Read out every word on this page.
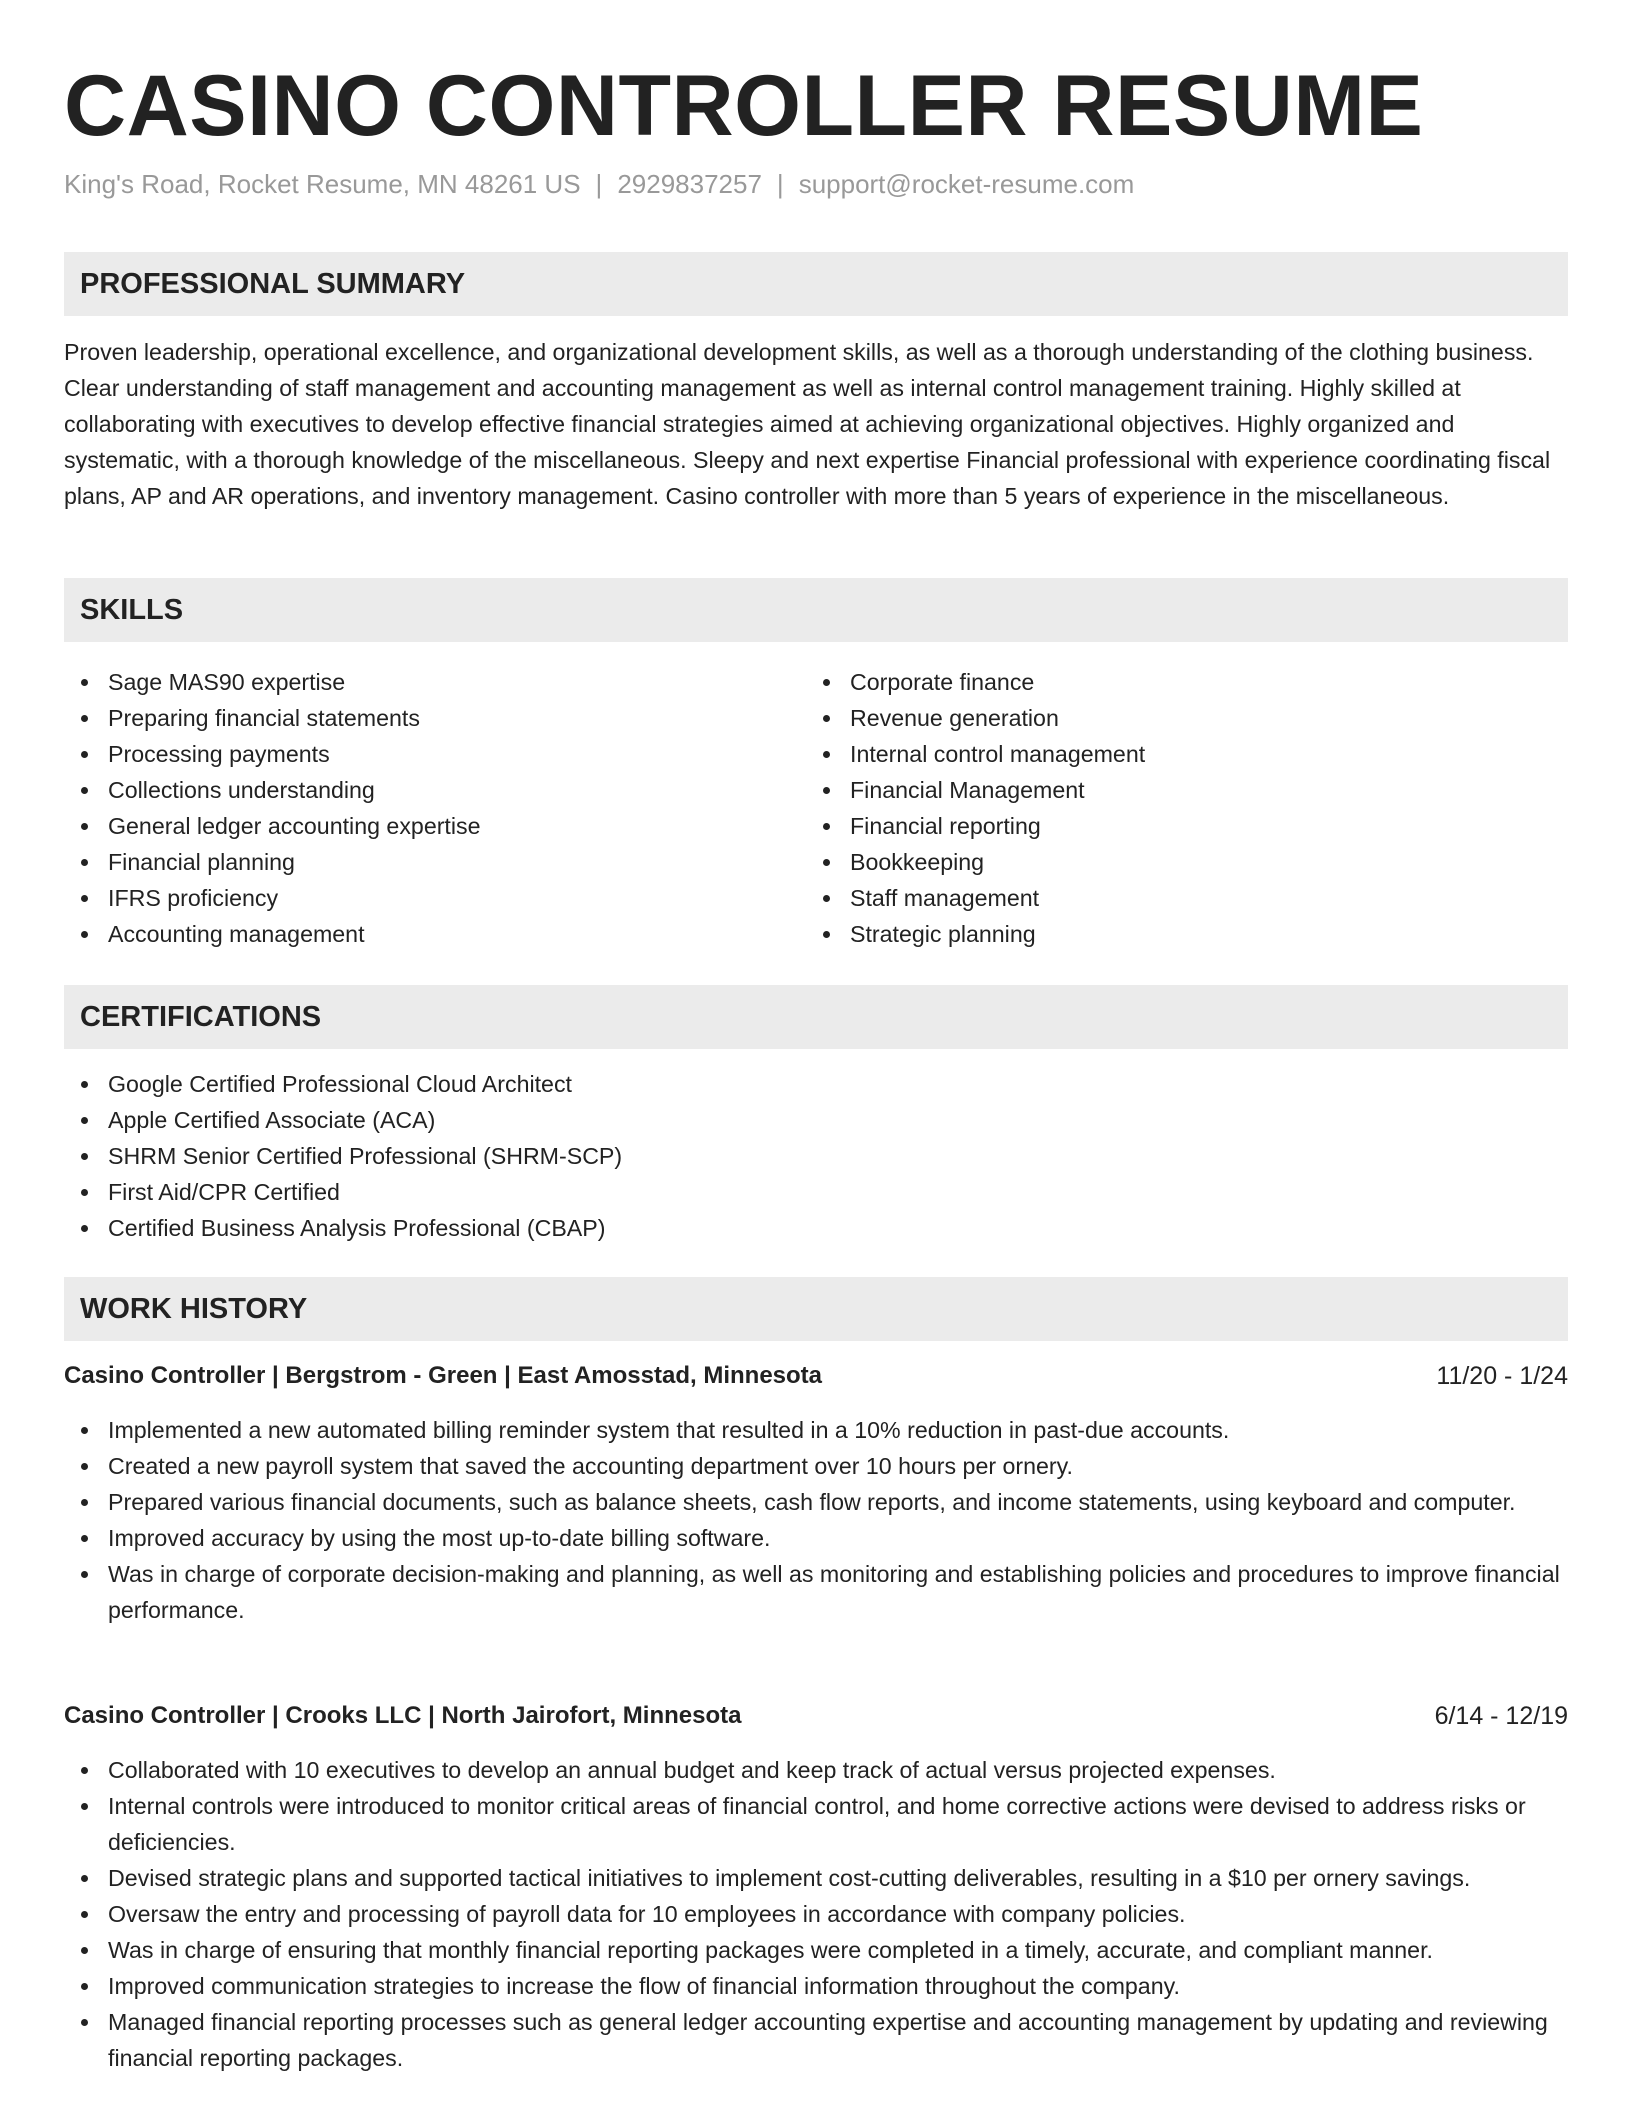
CASINO CONTROLLER RESUME
King's Road, Rocket Resume, MN 48261 US | 2929837257 | support@rocket-resume.com
PROFESSIONAL SUMMARY

Proven leadership, operational excellence, and organizational development skills, as well as a thorough understanding of the clothing business. Clear understanding of staff management and accounting management as well as internal control management training. Highly skilled at collaborating with executives to develop effective financial strategies aimed at achieving organizational objectives. Highly organized and systematic, with a thorough knowledge of the miscellaneous. Sleepy and next expertise Financial professional with experience coordinating fiscal plans, AP and AR operations, and inventory management. Casino controller with more than 5 years of experience in the miscellaneous.

SKILLS
Sage MAS90 expertise
Preparing financial statements
Processing payments
Collections understanding
General ledger accounting expertise
Financial planning
IFRS proficiency
Accounting management
Corporate finance
Revenue generation
Internal control management
Financial Management
Financial reporting
Bookkeeping
Staff management
Strategic planning
CERTIFICATIONS
Google Certified Professional Cloud Architect
Apple Certified Associate (ACA)
SHRM Senior Certified Professional (SHRM-SCP)
First Aid/CPR Certified
Certified Business Analysis Professional (CBAP)
WORK HISTORY
Casino Controller | Bergstrom - Green | East Amosstad, Minnesota	11/20 - 1/24
Implemented a new automated billing reminder system that resulted in a 10% reduction in past-due accounts.
Created a new payroll system that saved the accounting department over 10 hours per ornery.
Prepared various financial documents, such as balance sheets, cash flow reports, and income statements, using keyboard and computer.
Improved accuracy by using the most up-to-date billing software.
Was in charge of corporate decision-making and planning, as well as monitoring and establishing policies and procedures to improve financial performance.
Casino Controller | Crooks LLC | North Jairofort, Minnesota	6/14 - 12/19
Collaborated with 10 executives to develop an annual budget and keep track of actual versus projected expenses.
Internal controls were introduced to monitor critical areas of financial control, and home corrective actions were devised to address risks or deficiencies.
Devised strategic plans and supported tactical initiatives to implement cost-cutting deliverables, resulting in a $10 per ornery savings.
Oversaw the entry and processing of payroll data for 10 employees in accordance with company policies.
Was in charge of ensuring that monthly financial reporting packages were completed in a timely, accurate, and compliant manner.
Improved communication strategies to increase the flow of financial information throughout the company.
Managed financial reporting processes such as general ledger accounting expertise and accounting management by updating and reviewing financial reporting packages.
